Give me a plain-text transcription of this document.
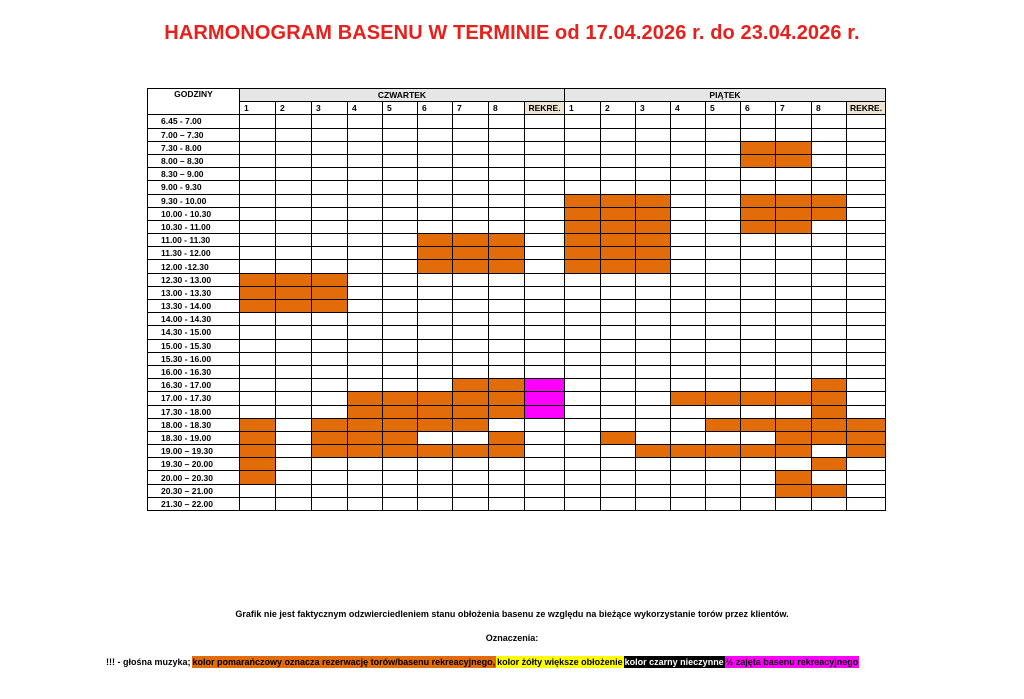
HARMONOGRAM BASENU W TERMINIE od 17.04.2026 r. do 23.04.2026 r.
GODZINY	CZWARTEK									PIĄTEK								
	1	2	3	4	5	6	7	8	REKRE.	1	2	3	4	5	6	7	8	REKRE.
6.45 - 7.00																		
7.00 – 7.30																		
7.30 - 8.00																		
8.00 – 8.30																		
8.30 – 9.00																		
9.00 - 9.30																		
9.30 - 10.00																		
10.00 - 10.30																		
10.30 - 11.00																		
11.00 - 11.30																		
11.30 - 12.00																		
12.00 -12.30																		
12.30 - 13.00																		
13.00 - 13.30																		
13.30 - 14.00																		
14.00 - 14.30																		
14.30 - 15.00																		
15.00 - 15.30																		
15.30 - 16.00																		
16.00 - 16.30																		
16.30 - 17.00																		
17.00 - 17.30																		
17.30 - 18.00																		
18.00 - 18.30																		
18.30 - 19.00																		
19.00 – 19.30																		
19.30 – 20.00																		
20.00 – 20.30																		
20.30 – 21.00																		
21.30 – 22.00																		
Grafik nie jest faktycznym odzwierciedleniem stanu obłożenia basenu ze względu na bieżące wykorzystanie torów przez klientów.
Oznaczenia:
!!! - głośna muzyka;kolor pomarańczowy oznacza rezerwację torów/basenu rekreacyjnego,kolor żółty większe obłożeniekolor czarny nieczynne ½ zajęta basenu rekreacyjnego
